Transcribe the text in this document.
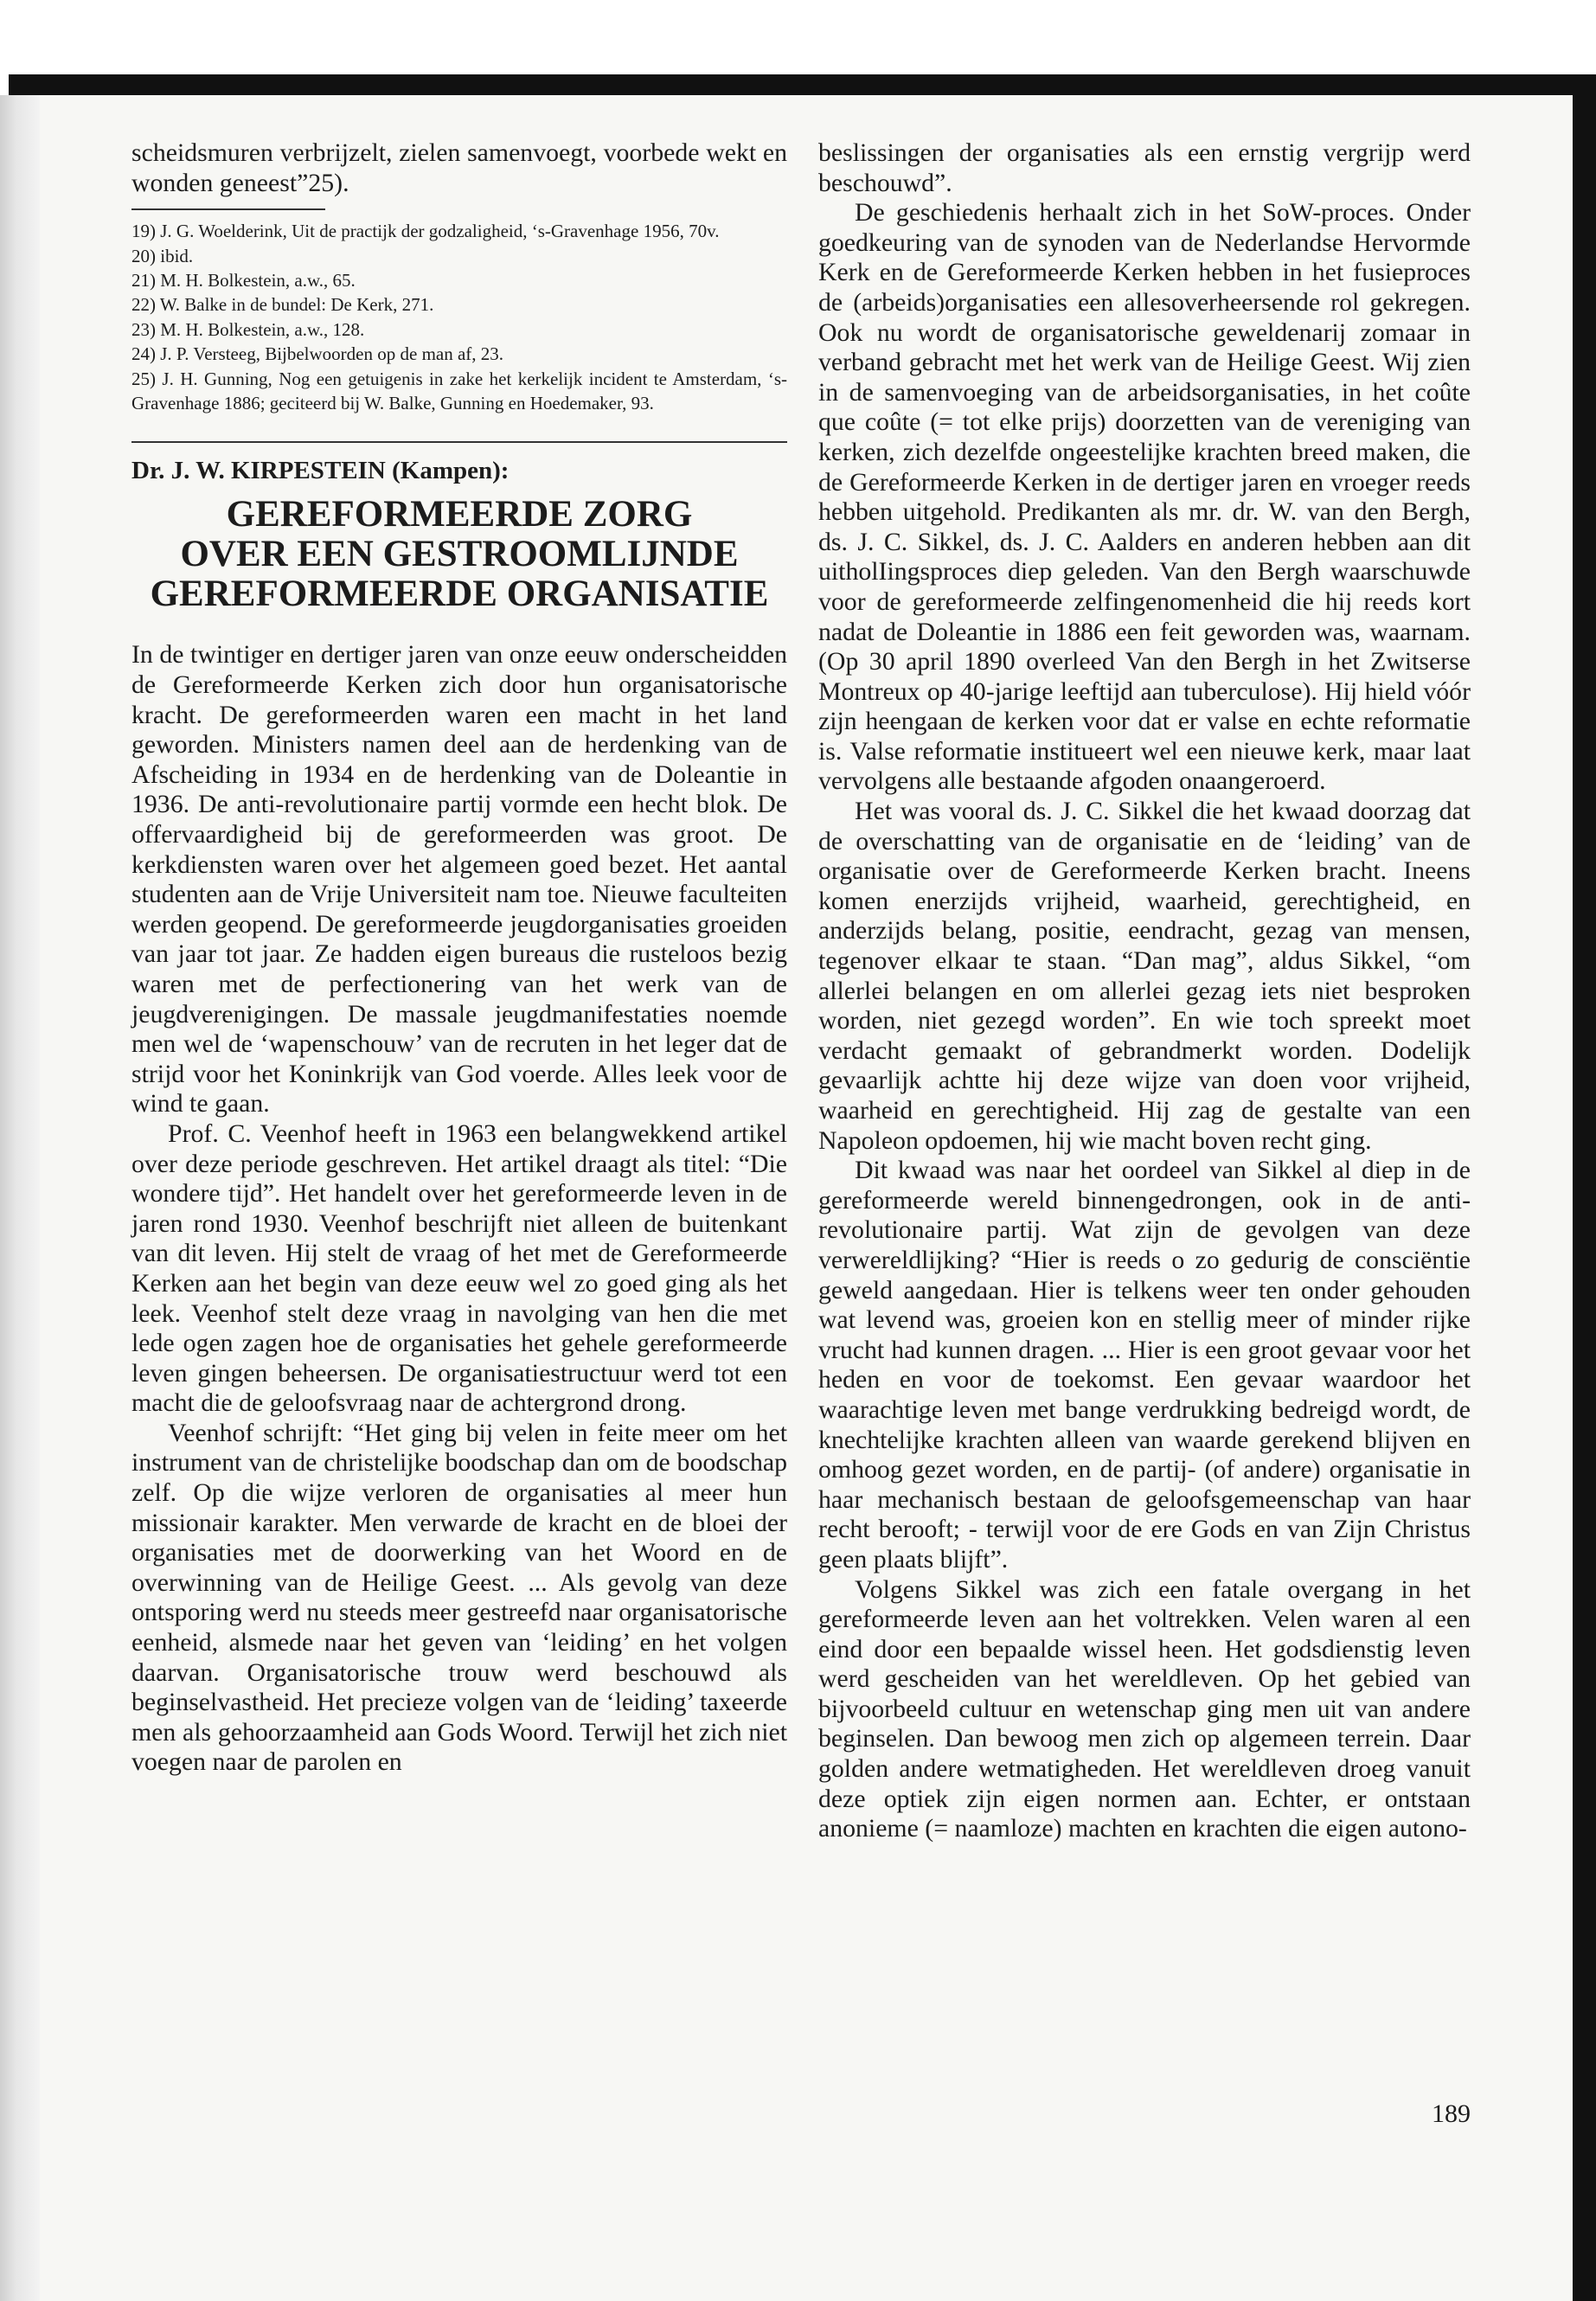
scheidsmuren verbrijzelt, zielen samenvoegt, voorbede wekt en wonden geneest”25).

19) J. G. Woelderink, Uit de practijk der godzaligheid, ‘s-Gravenhage 1956, 70v.
20) ibid.
21) M. H. Bolkestein, a.w., 65.
22) W. Balke in de bundel: De Kerk, 271.
23) M. H. Bolkestein, a.w., 128.
24) J. P. Versteeg, Bijbelwoorden op de man af, 23.
25) J. H. Gunning, Nog een getuigenis in zake het kerkelijk incident te Amsterdam, ‘s-Gravenhage 1886; geciteerd bij W. Balke, Gunning en Hoedemaker, 93.
Dr. J. W. KIRPESTEIN (Kampen):
GEREFORMEERDE ZORG
OVER EEN GESTROOMLIJNDE
GEREFORMEERDE ORGANISATIE

In de twintiger en dertiger jaren van onze eeuw onderscheidden de Gereformeerde Kerken zich door hun organisatorische kracht. De gereformeerden waren een macht in het land geworden. Ministers namen deel aan de herdenking van de Afscheiding in 1934 en de herdenking van de Doleantie in 1936. De anti-revolutionaire partij vormde een hecht blok. De offervaardigheid bij de gereformeerden was groot. De kerkdiensten waren over het algemeen goed bezet. Het aantal studenten aan de Vrije Universiteit nam toe. Nieuwe faculteiten werden geopend. De gereformeerde jeugdorganisaties groeiden van jaar tot jaar. Ze hadden eigen bureaus die rusteloos bezig waren met de perfectionering van het werk van de jeugdverenigingen. De massale jeugdmanifestaties noemde men wel de ‘wapenschouw’ van de recruten in het leger dat de strijd voor het Koninkrijk van God voerde. Alles leek voor de wind te gaan.

Prof. C. Veenhof heeft in 1963 een belangwekkend artikel over deze periode geschreven. Het artikel draagt als titel: “Die wondere tijd”. Het handelt over het gereformeerde leven in de jaren rond 1930. Veenhof beschrijft niet alleen de buitenkant van dit leven. Hij stelt de vraag of het met de Gereformeerde Kerken aan het begin van deze eeuw wel zo goed ging als het leek. Veenhof stelt deze vraag in navolging van hen die met lede ogen zagen hoe de organisaties het gehele gereformeerde leven gingen beheersen. De organisatiestructuur werd tot een macht die de geloofsvraag naar de achtergrond drong.

Veenhof schrijft: “Het ging bij velen in feite meer om het instrument van de christelijke boodschap dan om de boodschap zelf. Op die wijze verloren de organisaties al meer hun missionair karakter. Men verwarde de kracht en de bloei der organisaties met de doorwerking van het Woord en de overwinning van de Heilige Geest. ... Als gevolg van deze ontsporing werd nu steeds meer gestreefd naar organisatorische eenheid, alsmede naar het geven van ‘leiding’ en het volgen daarvan. Organisatorische trouw werd beschouwd als beginselvastheid. Het precieze volgen van de ‘leiding’ taxeerde men als gehoorzaamheid aan Gods Woord. Terwijl het zich niet voegen naar de parolen en

beslissingen der organisaties als een ernstig vergrijp werd beschouwd”.

De geschiedenis herhaalt zich in het SoW-proces. Onder goedkeuring van de synoden van de Nederlandse Hervormde Kerk en de Gereformeerde Kerken hebben in het fusieproces de (arbeids)organisaties een allesoverheersende rol gekregen. Ook nu wordt de organisatorische geweldenarij zomaar in verband gebracht met het werk van de Heilige Geest. Wij zien in de samenvoeging van de arbeidsorganisaties, in het coûte que coûte (= tot elke prijs) doorzetten van de vereniging van kerken, zich dezelfde ongeestelijke krachten breed maken, die de Gereformeerde Kerken in de dertiger jaren en vroeger reeds hebben uitgehold. Predikanten als mr. dr. W. van den Bergh, ds. J. C. Sikkel, ds. J. C. Aalders en anderen hebben aan dit uitholIingsproces diep geleden. Van den Bergh waarschuwde voor de gereformeerde zelfingenomenheid die hij reeds kort nadat de Doleantie in 1886 een feit geworden was, waarnam. (Op 30 april 1890 overleed Van den Bergh in het Zwitserse Montreux op 40-jarige leeftijd aan tuberculose). Hij hield vóór zijn heengaan de kerken voor dat er valse en echte reformatie is. Valse reformatie institueert wel een nieuwe kerk, maar laat vervolgens alle bestaande afgoden onaangeroerd.

Het was vooral ds. J. C. Sikkel die het kwaad doorzag dat de overschatting van de organisatie en de ‘leiding’ van de organisatie over de Gereformeerde Kerken bracht. Ineens komen enerzijds vrijheid, waarheid, gerechtigheid, en anderzijds belang, positie, eendracht, gezag van mensen, tegenover elkaar te staan. “Dan mag”, aldus Sikkel, “om allerlei belangen en om allerlei gezag iets niet besproken worden, niet gezegd worden”. En wie toch spreekt moet verdacht gemaakt of gebrandmerkt worden. Dodelijk gevaarlijk achtte hij deze wijze van doen voor vrijheid, waarheid en gerechtigheid. Hij zag de gestalte van een Napoleon opdoemen, hij wie macht boven recht ging.

Dit kwaad was naar het oordeel van Sikkel al diep in de gereformeerde wereld binnengedrongen, ook in de anti-revolutionaire partij. Wat zijn de gevolgen van deze verwereldlijking? “Hier is reeds o zo gedurig de consciëntie geweld aangedaan. Hier is telkens weer ten onder gehouden wat levend was, groeien kon en stellig meer of minder rijke vrucht had kunnen dragen. ... Hier is een groot gevaar voor het heden en voor de toekomst. Een gevaar waardoor het waarachtige leven met bange verdrukking bedreigd wordt, de knechtelijke krachten alleen van waarde gerekend blijven en omhoog gezet worden, en de partij- (of andere) organisatie in haar mechanisch bestaan de geloofsgemeenschap van haar recht berooft; - terwijl voor de ere Gods en van Zijn Christus geen plaats blijft”.

Volgens Sikkel was zich een fatale overgang in het gereformeerde leven aan het voltrekken. Velen waren al een eind door een bepaalde wissel heen. Het godsdienstig leven werd gescheiden van het wereldleven. Op het gebied van bijvoorbeeld cultuur en wetenschap ging men uit van andere beginselen. Dan bewoog men zich op algemeen terrein. Daar golden andere wetmatigheden. Het wereldleven droeg vanuit deze optiek zijn eigen normen aan. Echter, er ontstaan anonieme (= naamloze) machten en krachten die eigen autono-

189
